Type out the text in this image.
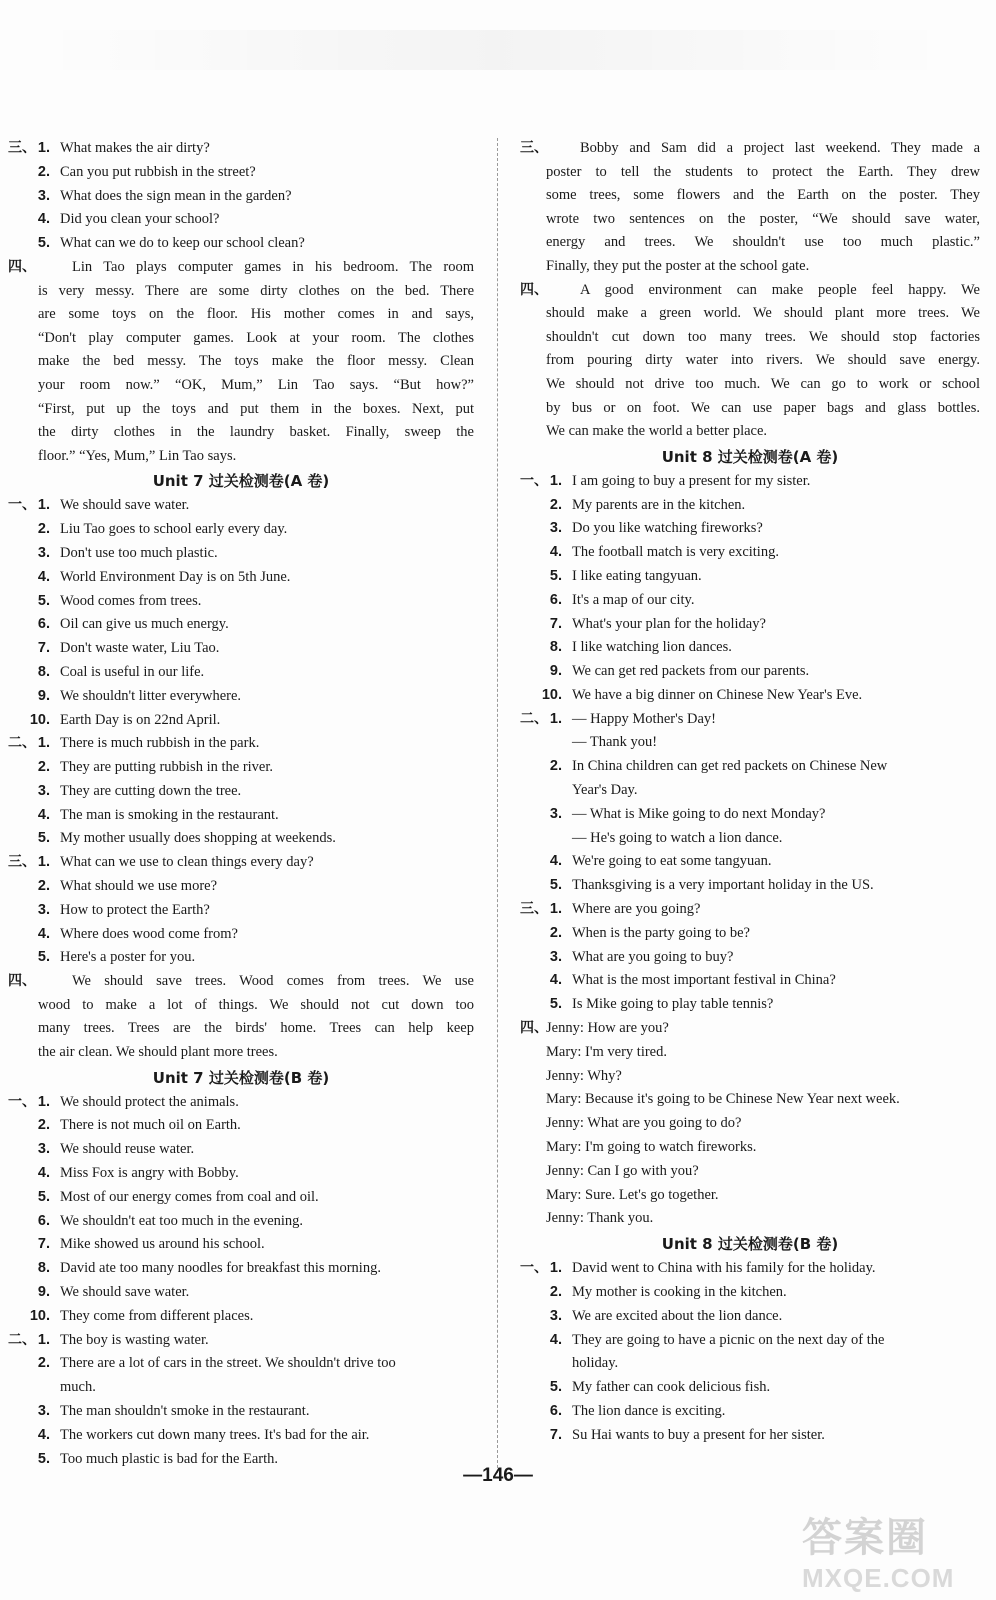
三、 1. What makes the air dirty?
2. Can you put rubbish in the street?
3. What does the sign mean in the garden?
4. Did you clean your school?
5. What can we do to keep our school clean?
四、	Lin Tao plays computer games in his bedroom. The room
is very messy. There are some dirty clothes on the bed. There
are some toys on the floor. His mother comes in and says,
“Don't play computer games. Look at your room. The clothes
make the bed messy. The toys make the floor messy. Clean
your room now.” “OK, Mum,” Lin Tao says. “But how?”
“First, put up the toys and put them in the boxes. Next, put
the dirty clothes in the laundry basket. Finally, sweep the
floor.” “Yes, Mum,” Lin Tao says.
Unit 7 过关检测卷(A 卷)
一、 1. We should save water.
2. Liu Tao goes to school early every day.
3. Don't use too much plastic.
4. World Environment Day is on 5th June.
5. Wood comes from trees.
6. Oil can give us much energy.
7. Don't waste water, Liu Tao.
8. Coal is useful in our life.
9. We shouldn't litter everywhere.
10. Earth Day is on 22nd April.
二、 1. There is much rubbish in the park.
2. They are putting rubbish in the river.
3. They are cutting down the tree.
4. The man is smoking in the restaurant.
5. My mother usually does shopping at weekends.
三、 1. What can we use to clean things every day?
2. What should we use more?
3. How to protect the Earth?
4. Where does wood come from?
5. Here's a poster for you.
四、	We should save trees. Wood comes from trees. We use
wood to make a lot of things. We should not cut down too
many trees. Trees are the birds' home. Trees can help keep
the air clean. We should plant more trees.
Unit 7 过关检测卷(B 卷)
一、 1. We should protect the animals.
2. There is not much oil on Earth.
3. We should reuse water.
4. Miss Fox is angry with Bobby.
5. Most of our energy comes from coal and oil.
6. We shouldn't eat too much in the evening.
7. Mike showed us around his school.
8. David ate too many noodles for breakfast this morning.
9. We should save water.
10. They come from different places.
二、 1. The boy is wasting water.
2. There are a lot of cars in the street. We shouldn't drive too
much.
3. The man shouldn't smoke in the restaurant.
4. The workers cut down many trees. It's bad for the air.
5. Too much plastic is bad for the Earth.
三、	Bobby and Sam did a project last weekend. They made a
poster to tell the students to protect the Earth. They drew
some trees, some flowers and the Earth on the poster. They
wrote two sentences on the poster, “We should save water,
energy and trees. We shouldn't use too much plastic.”
Finally, they put the poster at the school gate.
四、	A good environment can make people feel happy. We
should make a green world. We should plant more trees. We
shouldn't cut down too many trees. We should stop factories
from pouring dirty water into rivers. We should save energy.
We should not drive too much. We can go to work or school
by bus or on foot. We can use paper bags and glass bottles.
We can make the world a better place.
Unit 8 过关检测卷(A 卷)
一、 1. I am going to buy a present for my sister.
2. My parents are in the kitchen.
3. Do you like watching fireworks?
4. The football match is very exciting.
5. I like eating tangyuan.
6. It's a map of our city.
7. What's your plan for the holiday?
8. I like watching lion dances.
9. We can get red packets from our parents.
10. We have a big dinner on Chinese New Year's Eve.
二、 1. — Happy Mother's Day!
— Thank you!
2. In China children can get red packets on Chinese New
Year's Day.
3. — What is Mike going to do next Monday?
— He's going to watch a lion dance.
4. We're going to eat some tangyuan.
5. Thanksgiving is a very important holiday in the US.
三、 1. Where are you going?
2. When is the party going to be?
3. What are you going to buy?
4. What is the most important festival in China?
5. Is Mike going to play table tennis?
四、
Jenny: How are you?
Mary: I'm very tired.
Jenny: Why?
Mary: Because it's going to be Chinese New Year next week.
Jenny: What are you going to do?
Mary: I'm going to watch fireworks.
Jenny: Can I go with you?
Mary: Sure. Let's go together.
Jenny: Thank you.
Unit 8 过关检测卷(B 卷)
一、 1. David went to China with his family for the holiday.
2. My mother is cooking in the kitchen.
3. We are excited about the lion dance.
4. They are going to have a picnic on the next day of the
holiday.
5. My father can cook delicious fish.
6. The lion dance is exciting.
7. Su Hai wants to buy a present for her sister.
—146—
答案圈
MXQE.COM
